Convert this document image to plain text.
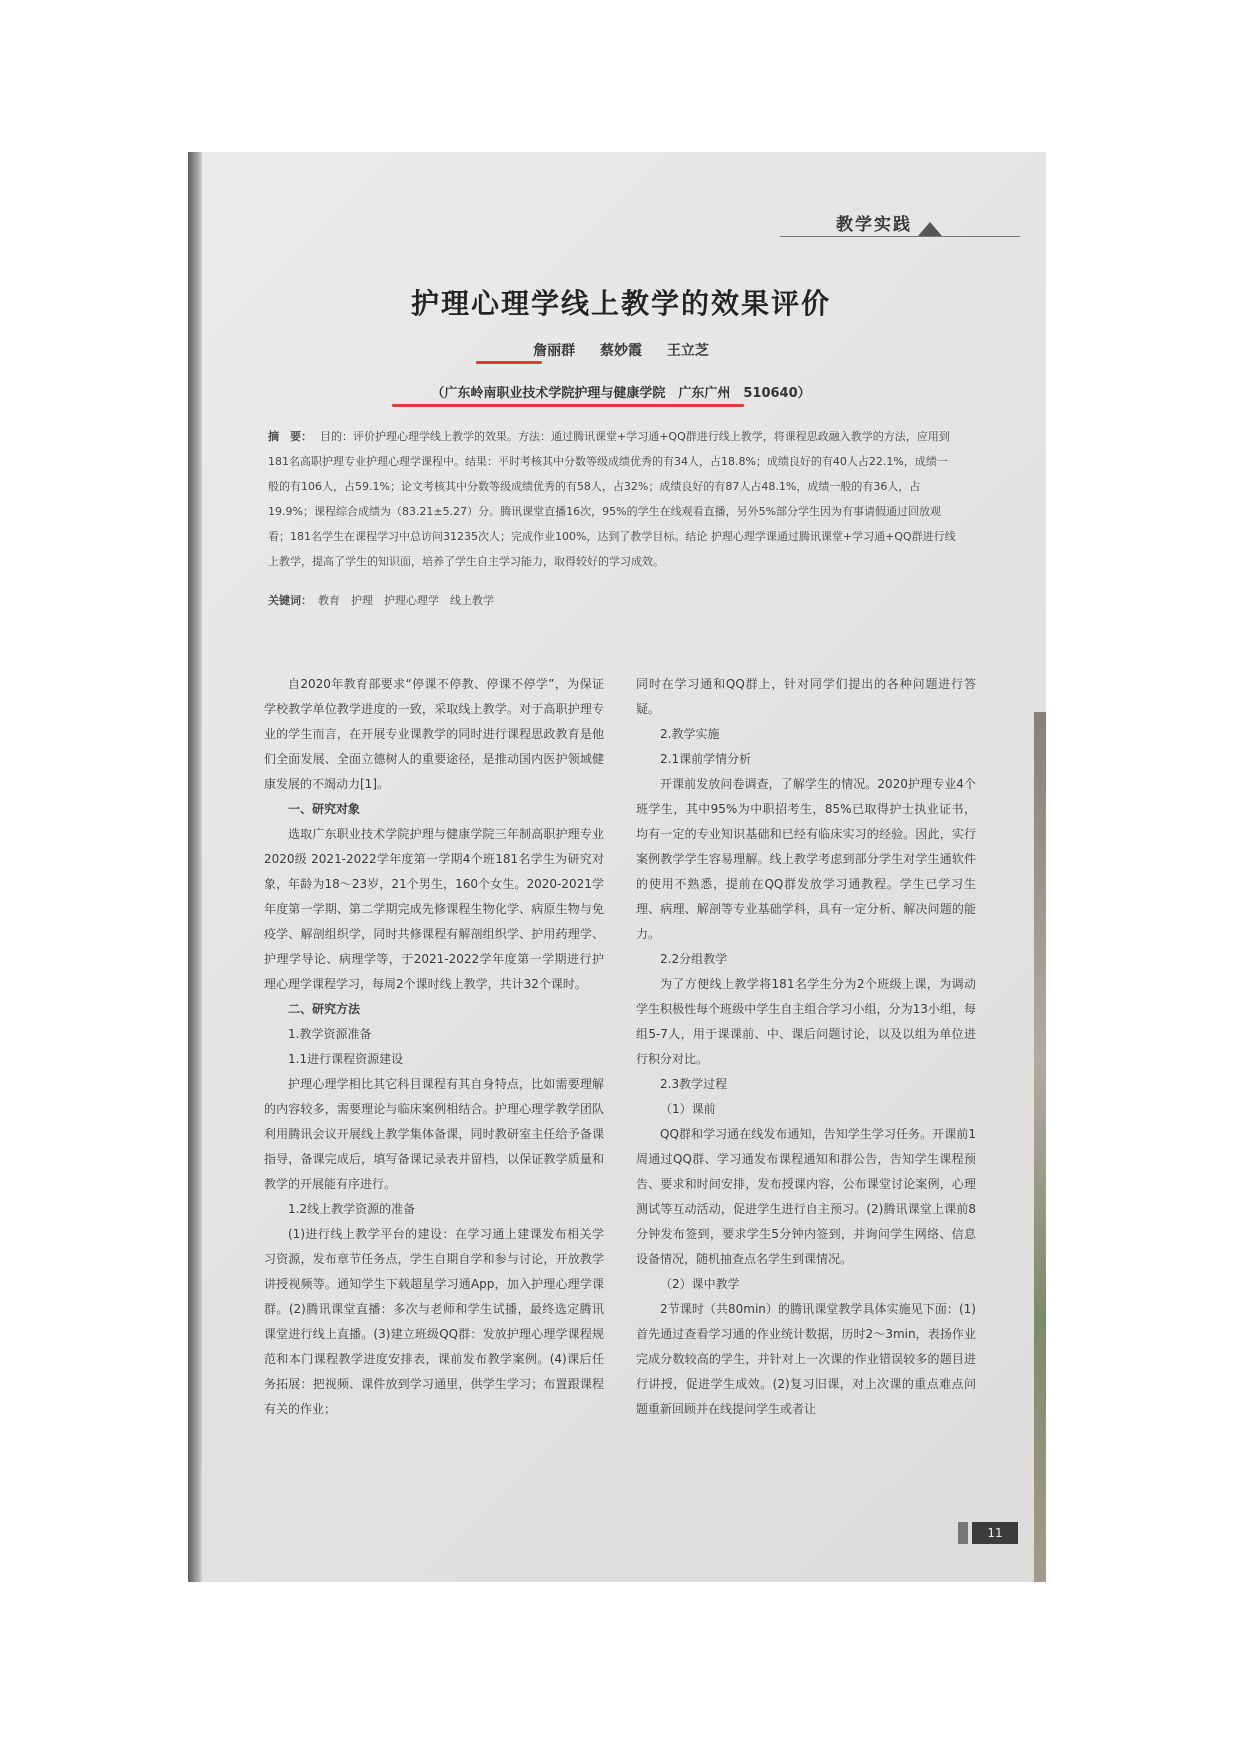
教学实践
护理心理学线上教学的效果评价
詹丽群 蔡妙霞 王立芝
（广东岭南职业技术学院护理与健康学院　广东广州　510640）
摘　要： 目的：评价护理心理学线上教学的效果。方法：通过腾讯课堂+学习通+QQ群进行线上教学，将课程思政融入教学的方法，应用到181名高职护理专业护理心理学课程中。结果：平时考核其中分数等级成绩优秀的有34人，占18.8%；成绩良好的有40人占22.1%，成绩一般的有106人，占59.1%；论文考核其中分数等级成绩优秀的有58人，占32%；成绩良好的有87人占48.1%，成绩一般的有36人，占19.9%；课程综合成绩为（83.21±5.27）分。腾讯课堂直播16次，95%的学生在线观看直播，另外5%部分学生因为有事请假通过回放观看；181名学生在课程学习中总访问31235次人；完成作业100%，达到了教学目标。结论 护理心理学课通过腾讯课堂+学习通+QQ群进行线上教学，提高了学生的知识面，培养了学生自主学习能力，取得较好的学习成效。
关键词： 教育　护理　护理心理学　线上教学

自2020年教育部要求“停课不停教、停课不停学”，为保证学校教学单位教学进度的一致，采取线上教学。对于高职护理专业的学生而言，在开展专业课教学的同时进行课程思政教育是他们全面发展、全面立德树人的重要途径，是推动国内医护领域健康发展的不竭动力[1]。

一、研究对象

选取广东职业技术学院护理与健康学院三年制高职护理专业2020级 2021-2022学年度第一学期4个班181名学生为研究对象，年龄为18～23岁，21个男生，160个女生。2020-2021学年度第一学期、第二学期完成先修课程生物化学、病原生物与免疫学、解剖组织学，同时共修课程有解剖组织学、护用药理学、护理学导论、病理学等，于2021-2022学年度第一学期进行护理心理学课程学习，每周2个课时线上教学，共计32个课时。

二、研究方法

1.教学资源准备

1.1进行课程资源建设

护理心理学相比其它科目课程有其自身特点，比如需要理解的内容较多，需要理论与临床案例相结合。护理心理学教学团队利用腾讯会议开展线上教学集体备课，同时教研室主任给予备课指导，备课完成后，填写备课记录表并留档，以保证教学质量和教学的开展能有序进行。

1.2线上教学资源的准备

(1)进行线上教学平台的建设：在学习通上建课发布相关学习资源，发布章节任务点，学生自期自学和参与讨论，开放教学讲授视频等。通知学生下载超星学习通App，加入护理心理学课群。(2)腾讯课堂直播：多次与老师和学生试播，最终选定腾讯课堂进行线上直播。(3)建立班级QQ群：发放护理心理学课程规范和本门课程教学进度安排表，课前发布教学案例。(4)课后任务拓展：把视频、课件放到学习通里，供学生学习；布置跟课程有关的作业；

同时在学习通和QQ群上，针对同学们提出的各种问题进行答疑。

2.教学实施

2.1课前学情分析

开课前发放问卷调查，了解学生的情况。2020护理专业4个班学生，其中95%为中职招考生，85%已取得护士执业证书，均有一定的专业知识基础和已经有临床实习的经验。因此，实行案例教学学生容易理解。线上教学考虑到部分学生对学生通软件的使用不熟悉，提前在QQ群发放学习通教程。学生已学习生理、病理、解剖等专业基础学科，具有一定分析、解决问题的能力。

2.2分组教学

为了方便线上教学将181名学生分为2个班级上课，为调动学生积极性每个班级中学生自主组合学习小组，分为13小组，每组5-7人，用于课课前、中、课后问题讨论，以及以组为单位进行积分对比。

2.3教学过程

（1）课前

QQ群和学习通在线发布通知，告知学生学习任务。开课前1周通过QQ群、学习通发布课程通知和群公告，告知学生课程预告、要求和时间安排，发布授课内容，公布课堂讨论案例，心理测试等互动活动，促进学生进行自主预习。(2)腾讯课堂上课前8分钟发布签到，要求学生5分钟内签到，并询问学生网络、信息设备情况，随机抽查点名学生到课情况。

（2）课中教学

2节课时（共80min）的腾讯课堂教学具体实施见下面：(1)首先通过查看学习通的作业统计数据，历时2～3min，表扬作业完成分数较高的学生，并针对上一次课的作业错误较多的题目进行讲授，促进学生成效。(2)复习旧课，对上次课的重点难点问题重新回顾并在线提问学生或者让

11
